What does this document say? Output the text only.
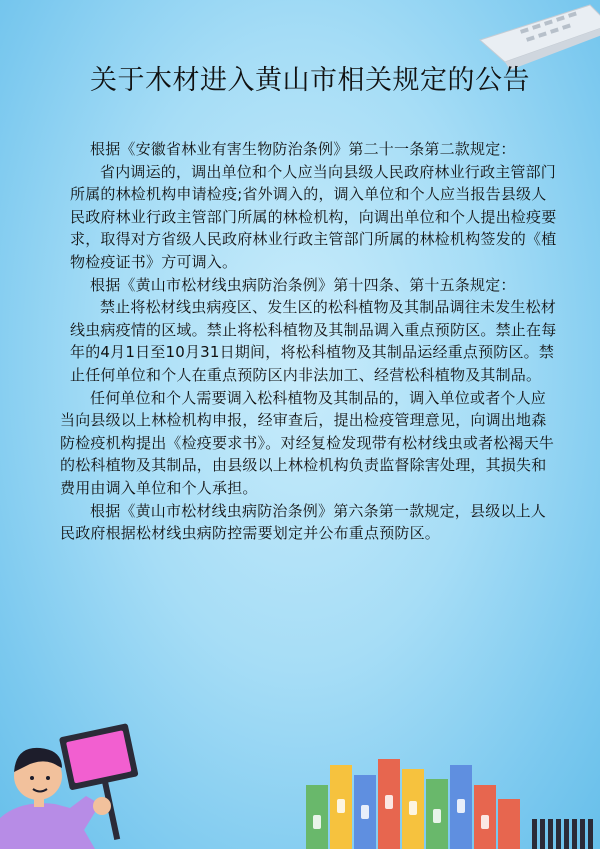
关于木材进入黄山市相关规定的公告

根据《安徽省林业有害生物防治条例》第二十一条第二款规定：

省内调运的，调出单位和个人应当向县级人民政府林业行政主管部门所属的林检机构申请检疫;省外调入的，调入单位和个人应当报告县级人民政府林业行政主管部门所属的林检机构，向调出单位和个人提出检疫要求，取得对方省级人民政府林业行政主管部门所属的林检机构签发的《植物检疫证书》方可调入。

根据《黄山市松材线虫病防治条例》第十四条、第十五条规定：

禁止将松材线虫病疫区、发生区的松科植物及其制品调往未发生松材线虫病疫情的区域。禁止将松科植物及其制品调入重点预防区。禁止在每年的4月1日至10月31日期间，将松科植物及其制品运经重点预防区。禁止任何单位和个人在重点预防区内非法加工、经营松科植物及其制品。

任何单位和个人需要调入松科植物及其制品的，调入单位或者个人应当向县级以上林检机构申报，经审查后，提出检疫管理意见，向调出地森防检疫机构提出《检疫要求书》。对经复检发现带有松材线虫或者松褐天牛的松科植物及其制品，由县级以上林检机构负责监督除害处理，其损失和费用由调入单位和个人承担。

根据《黄山市松材线虫病防治条例》第六条第一款规定，县级以上人民政府根据松材线虫病防控需要划定并公布重点预防区。
